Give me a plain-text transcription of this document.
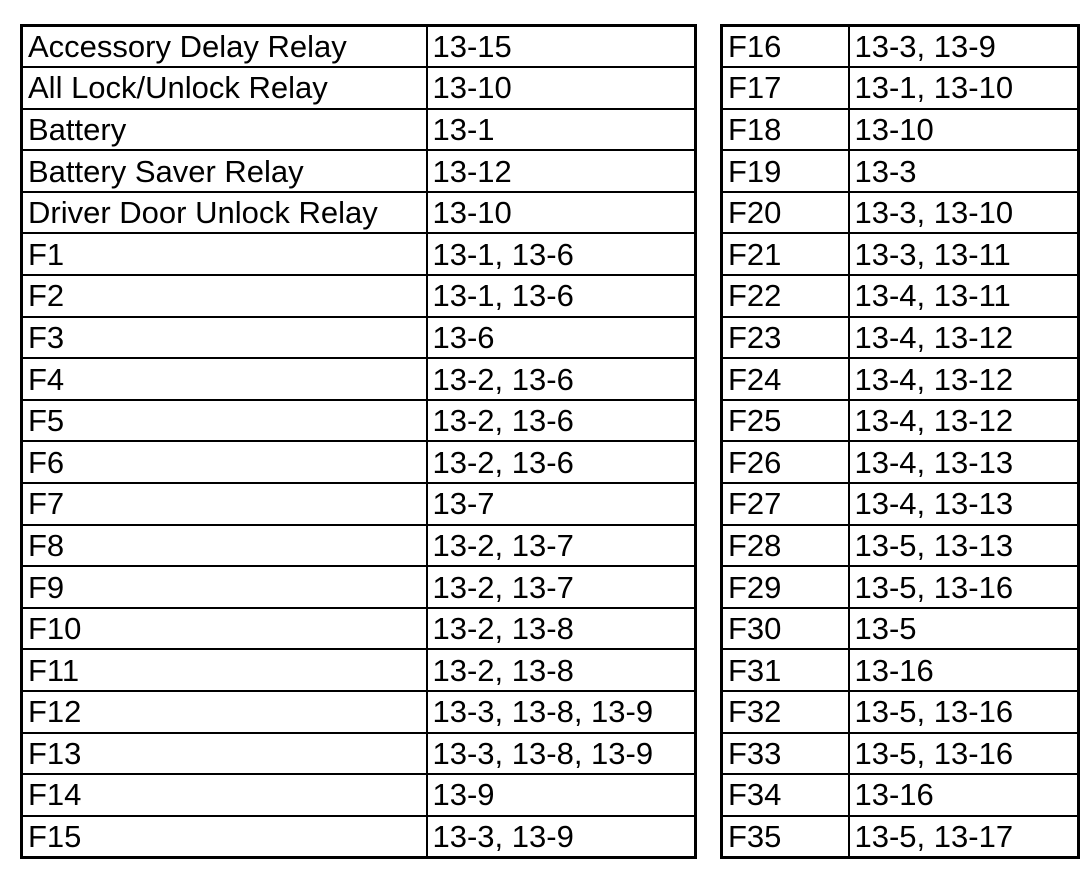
Accessory Delay Relay	13-15
All Lock/Unlock Relay	13-10
Battery	13-1
Battery Saver Relay	13-12
Driver Door Unlock Relay	13-10
F1	13-1, 13-6
F2	13-1, 13-6
F3	13-6
F4	13-2, 13-6
F5	13-2, 13-6
F6	13-2, 13-6
F7	13-7
F8	13-2, 13-7
F9	13-2, 13-7
F10	13-2, 13-8
F11	13-2, 13-8
F12	13-3, 13-8, 13-9
F13	13-3, 13-8, 13-9
F14	13-9
F15	13-3, 13-9
F16	13-3, 13-9
F17	13-1, 13-10
F18	13-10
F19	13-3
F20	13-3, 13-10
F21	13-3, 13-11
F22	13-4, 13-11
F23	13-4, 13-12
F24	13-4, 13-12
F25	13-4, 13-12
F26	13-4, 13-13
F27	13-4, 13-13
F28	13-5, 13-13
F29	13-5, 13-16
F30	13-5
F31	13-16
F32	13-5, 13-16
F33	13-5, 13-16
F34	13-16
F35	13-5, 13-17
